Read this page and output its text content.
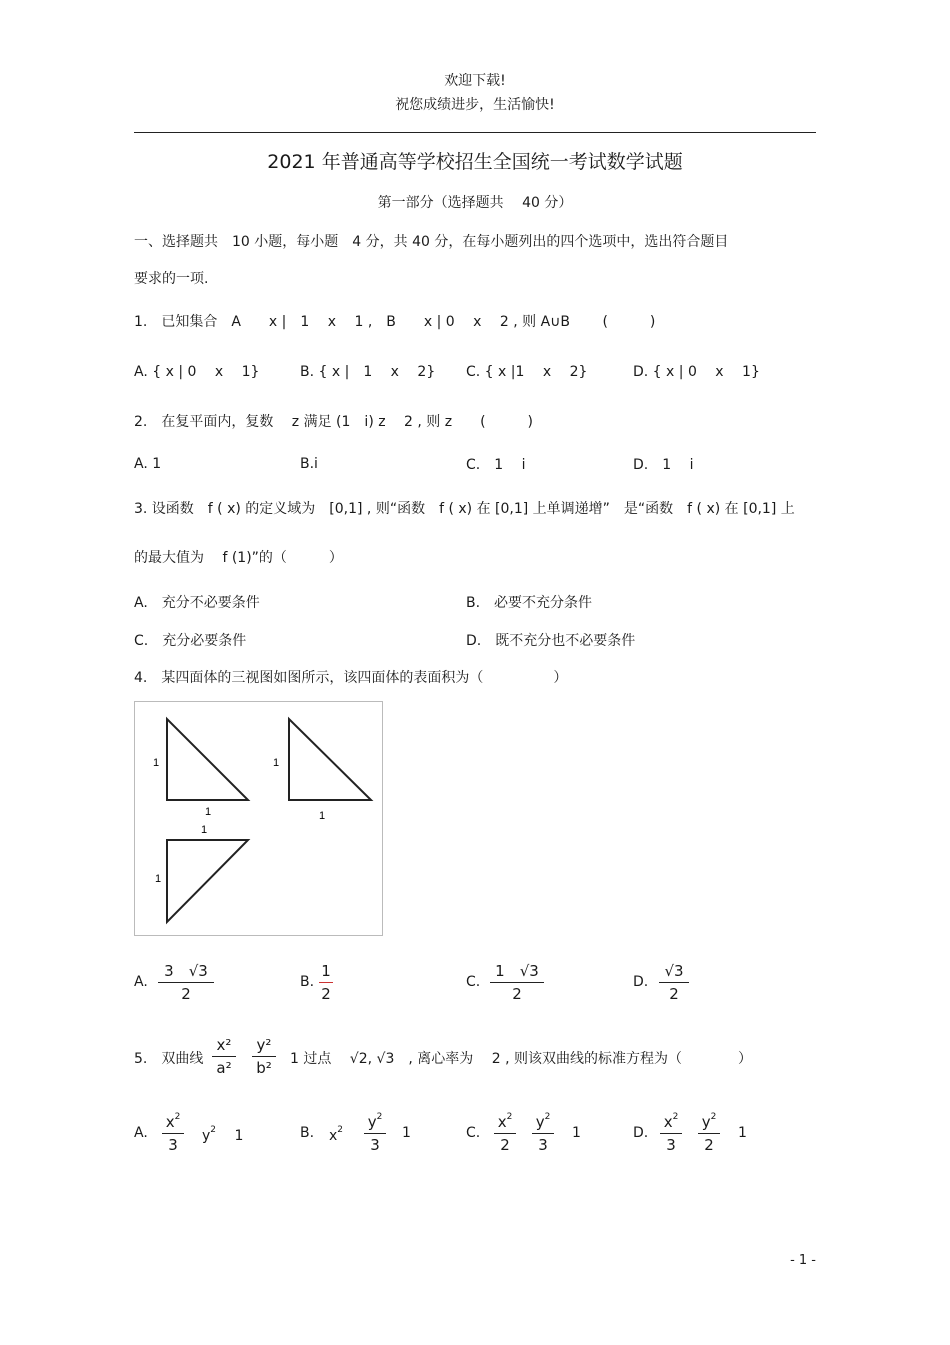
欢迎下载!
祝您成绩进步，生活愉快!
2021 年普通高等学校招生全国统一考试数学试题
第一部分（选择题共　 40 分）
一、选择题共　10 小题，每小题　4 分，共 40 分，在每小题列出的四个选项中，选出符合题目
要求的一项.
1.　已知集合　A　　x |　1　 x　 1 ,　B　　x | 0　 x　 2 , 则 A∪B　　 (　　　)
A. { x | 0　 x　 1}	B. { x |　1　 x　 2} C. { x |1　 x　 2}	D. { x | 0　 x　 1}
2.　在复平面内，复数　 z 满足 (1　i) z　 2 , 则 z　　(　　　)
A. 1	B.i	C.　1　 i	D.　1　 i
3. 设函数　f ( x) 的定义域为　[0,1] , 则“函数　f ( x) 在 [0,1] 上单调递增”　是“函数　f ( x) 在 [0,1] 上
的最大值为　 f (1)”的（　　　）
A.　充分不必要条件	B.　必要不充分条件
C.　充分必要条件	D.　既不充分也不必要条件
4.　某四面体的三视图如图所示，该四面体的表面积为（　　　　　）
1
1
1
1
1
1
A.
3　√3
2
B.
1
2
C.
1　√3
2
D.
√3
2
5.　双曲线
x²
a²
y²
b²	1 过点　 √2, √3　, 离心率为　 2 , 则该双曲线的标准方程为（　　　　）
A.
$x^2$
3	$y^2$　 1	B. $x^2$ $y^2$
3
1	C.
$x^2$
2
$y^2$
3
1	D.
$x^2$
3
$y^2$
2
1
- 1 -
